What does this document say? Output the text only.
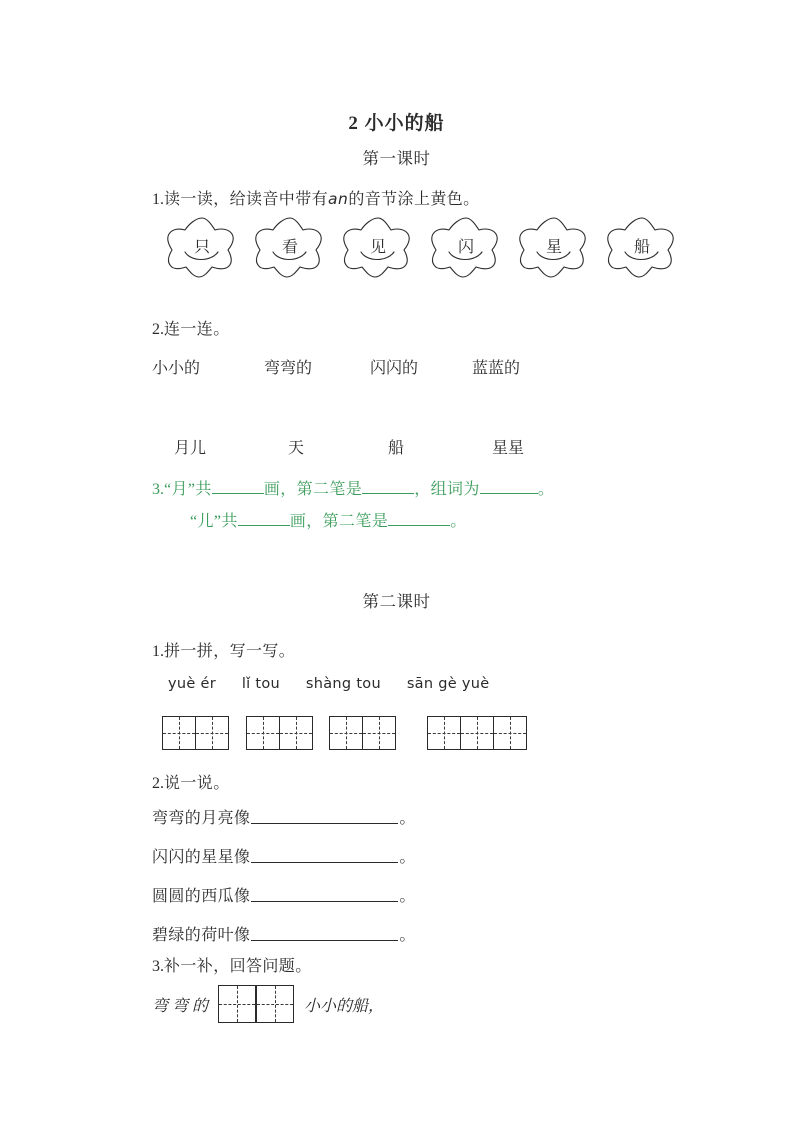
2 小小的船
第一课时
1.读一读，给读音中带有an的音节涂上黄色。
只	看	见	闪	星	船
2.连一连。
小小的	弯弯的	闪闪的	蓝蓝的
月儿	天	船	星星
3.“月”共	画，第二笔是	，组词为	。
“儿”共	画，第二笔是	。
第二课时
1.拼一拼，写一写。
yuè ér lǐ tou shàng tou sān gè yuè
2.说一说。
弯弯的月亮像	。
闪闪的星星像	。
圆圆的西瓜像	。
碧绿的荷叶像	。
3.补一补，回答问题。
弯 弯 的	小小的船，
